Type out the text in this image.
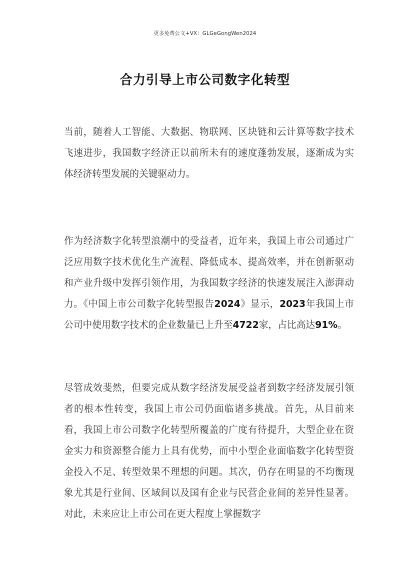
更多免费公文+VX：GLGeGongWen2024
合力引导上市公司数字化转型
当前，随着人工智能、大数据、物联网、区块链和云计算等数字技术飞速进步，我国数字经济正以前所未有的速度蓬勃发展，逐渐成为实体经济转型发展的关键驱动力。
作为经济数字化转型浪潮中的受益者，近年来，我国上市公司通过广泛应用数字技术优化生产流程、降低成本、提高效率，并在创新驱动和产业升级中发挥引领作用，为我国数字经济的快速发展注入澎湃动力。《中国上市公司数字化转型报告2024》显示，2023年我国上市公司中使用数字技术的企业数量已上升至4722家，占比高达91%。
尽管成效斐然，但要完成从数字经济发展受益者到数字经济发展引领者的根本性转变，我国上市公司仍面临诸多挑战。首先，从目前来看，我国上市公司数字化转型所覆盖的广度有待提升，大型企业在资金实力和资源整合能力上具有优势，而中小型企业面临数字化转型资金投入不足、转型效果不理想的问题。其次，仍存在明显的不均衡现象尤其是行业间、区域间以及国有企业与民营企业间的差异性显著。对此，未来应让上市公司在更大程度上掌握数字
